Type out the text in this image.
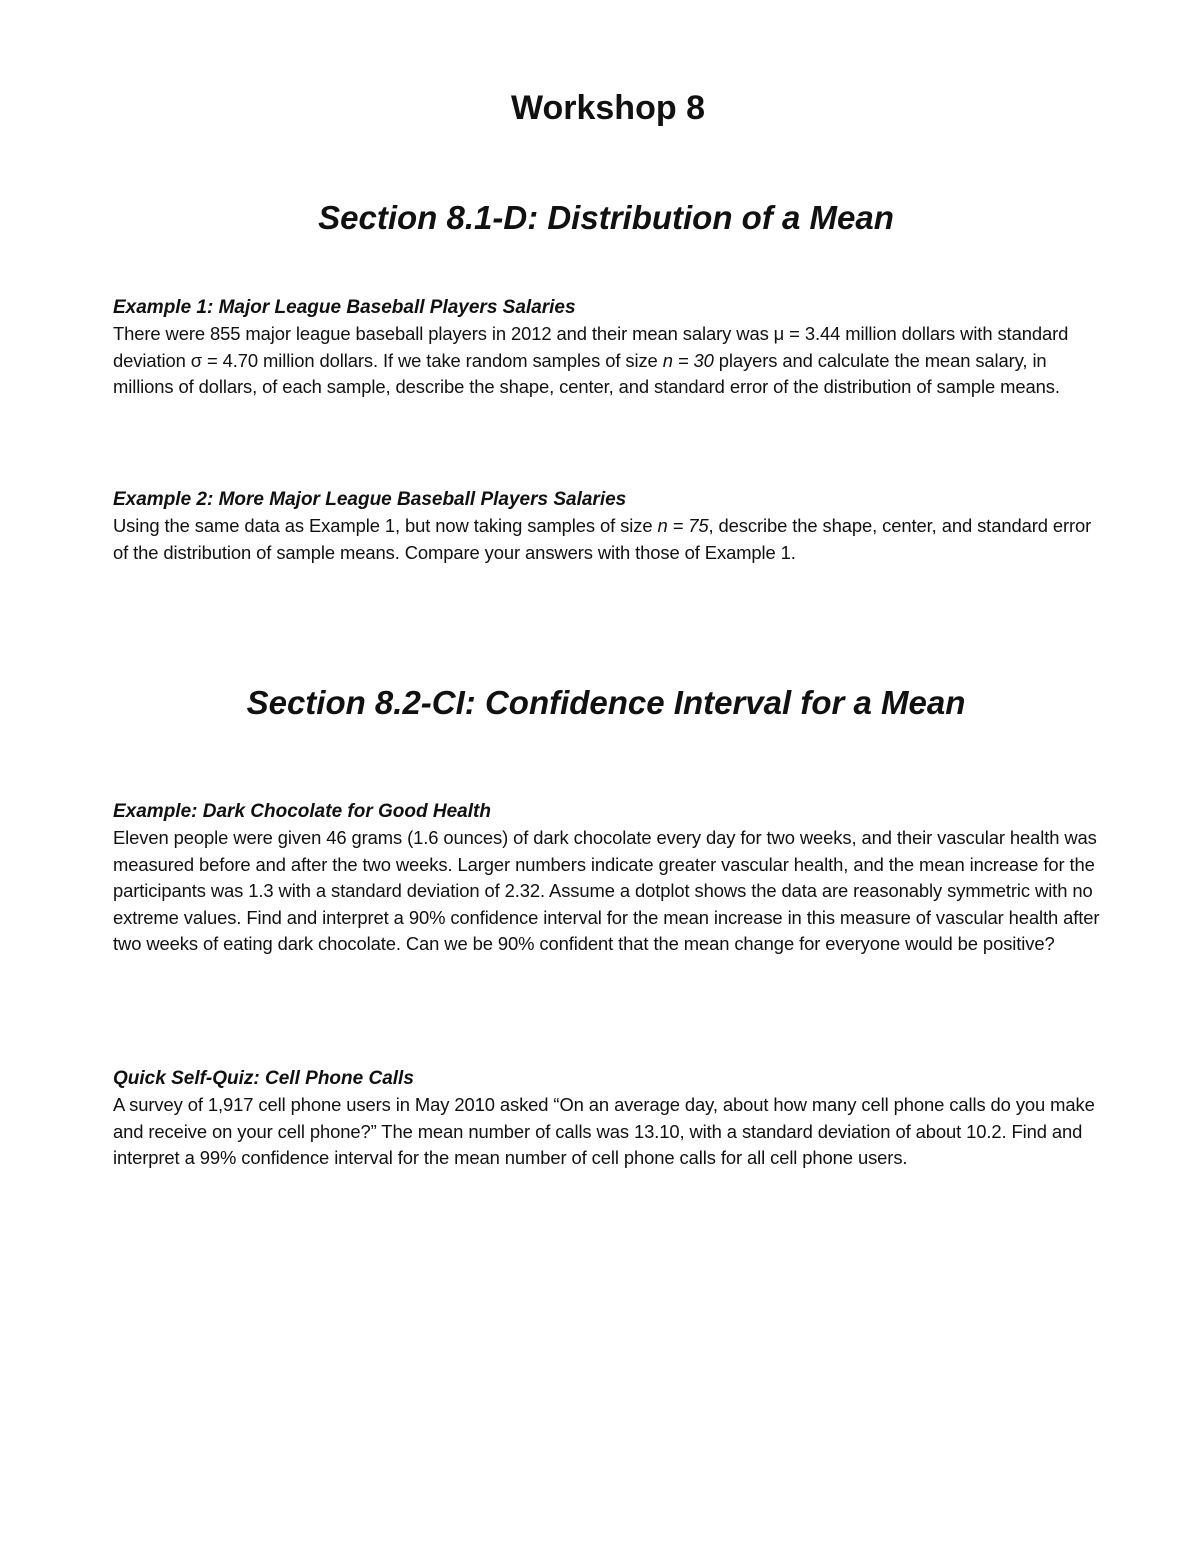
Workshop 8
Section 8.1-D: Distribution of a Mean

Example 1: Major League Baseball Players Salaries

There were 855 major league baseball players in 2012 and their mean salary was μ = 3.44 million dollars with standard deviation σ = 4.70 million dollars. If we take random samples of size n = 30 players and calculate the mean salary, in millions of dollars, of each sample, describe the shape, center, and standard error of the distribution of sample means.

Example 2: More Major League Baseball Players Salaries

Using the same data as Example 1, but now taking samples of size n = 75, describe the shape, center, and standard error of the distribution of sample means. Compare your answers with those of Example 1.

Section 8.2-CI: Confidence Interval for a Mean

Example: Dark Chocolate for Good Health

Eleven people were given 46 grams (1.6 ounces) of dark chocolate every day for two weeks, and their vascular health was measured before and after the two weeks. Larger numbers indicate greater vascular health, and the mean increase for the participants was 1.3 with a standard deviation of 2.32. Assume a dotplot shows the data are reasonably symmetric with no extreme values. Find and interpret a 90% confidence interval for the mean increase in this measure of vascular health after two weeks of eating dark chocolate. Can we be 90% confident that the mean change for everyone would be positive?

Quick Self-Quiz: Cell Phone Calls

A survey of 1,917 cell phone users in May 2010 asked “On an average day, about how many cell phone calls do you make and receive on your cell phone?” The mean number of calls was 13.10, with a standard deviation of about 10.2. Find and interpret a 99% confidence interval for the mean number of cell phone calls for all cell phone users.
